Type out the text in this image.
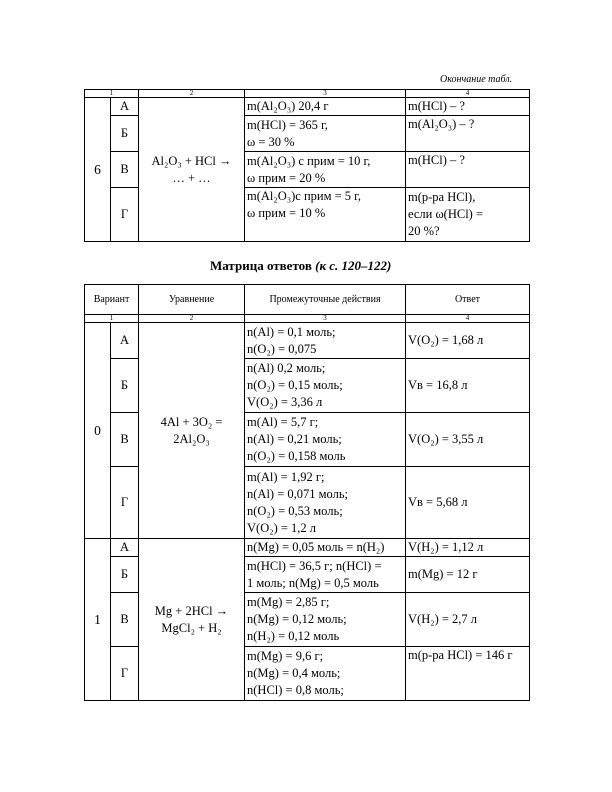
Окончание табл.
1		2	3	4
6	А	Al₂O₃ + HCl →
… + …	m(Al₂O₃) 20,4 г	m(HCl) – ?

	Б		m(HCl) = 365 г,
ω = 30 %	m(Al₂O₃) – ?

	В		m(Al₂O₃) с прим = 10 г,
ω прим = 20 %	m(HCl) – ?

	Г		m(Al₂O₃)с прим = 5 г,
ω прим = 10 %	m(р-ра HCl),
если ω(HCl) =
20 %?
Матрица ответов (к с. 120–122)
Вариант		Уравнение	Промежуточные действия	Ответ
1		2	3	4
0	А	4Al + 3O₂ =
2Al₂O₃	n(Al) = 0,1 моль;
n(O₂) = 0,075	V(O₂) = 1,68 л
	Б		n(Al) 0,2 моль;
n(O₂) = 0,15 моль;
V(O₂) = 3,36 л	Vв = 16,8 л
	В		m(Al) = 5,7 г;
n(Al) = 0,21 моль;
n(O₂) = 0,158 моль	V(O₂) = 3,55 л
	Г		m(Al) = 1,92 г;
n(Al) = 0,071 моль;
n(O₂) = 0,53 моль;
V(O₂) = 1,2 л	Vв = 5,68 л
1	А	Mg + 2HCl →
MgCl₂ + H₂	n(Mg) = 0,05 моль = n(H₂)	V(H₂) = 1,12 л
	Б		m(HCl) = 36,5 г; n(HCl) =
1 моль; n(Mg) = 0,5 моль	m(Mg) = 12 г
	В		m(Mg) = 2,85 г;
n(Mg) = 0,12 моль;
n(H₂) = 0,12 моль	V(H₂) = 2,7 л
	Г		m(Mg) = 9,6 г;
n(Mg) = 0,4 моль;
n(HCl) = 0,8 моль;	m(р-ра HCl) = 146 г
